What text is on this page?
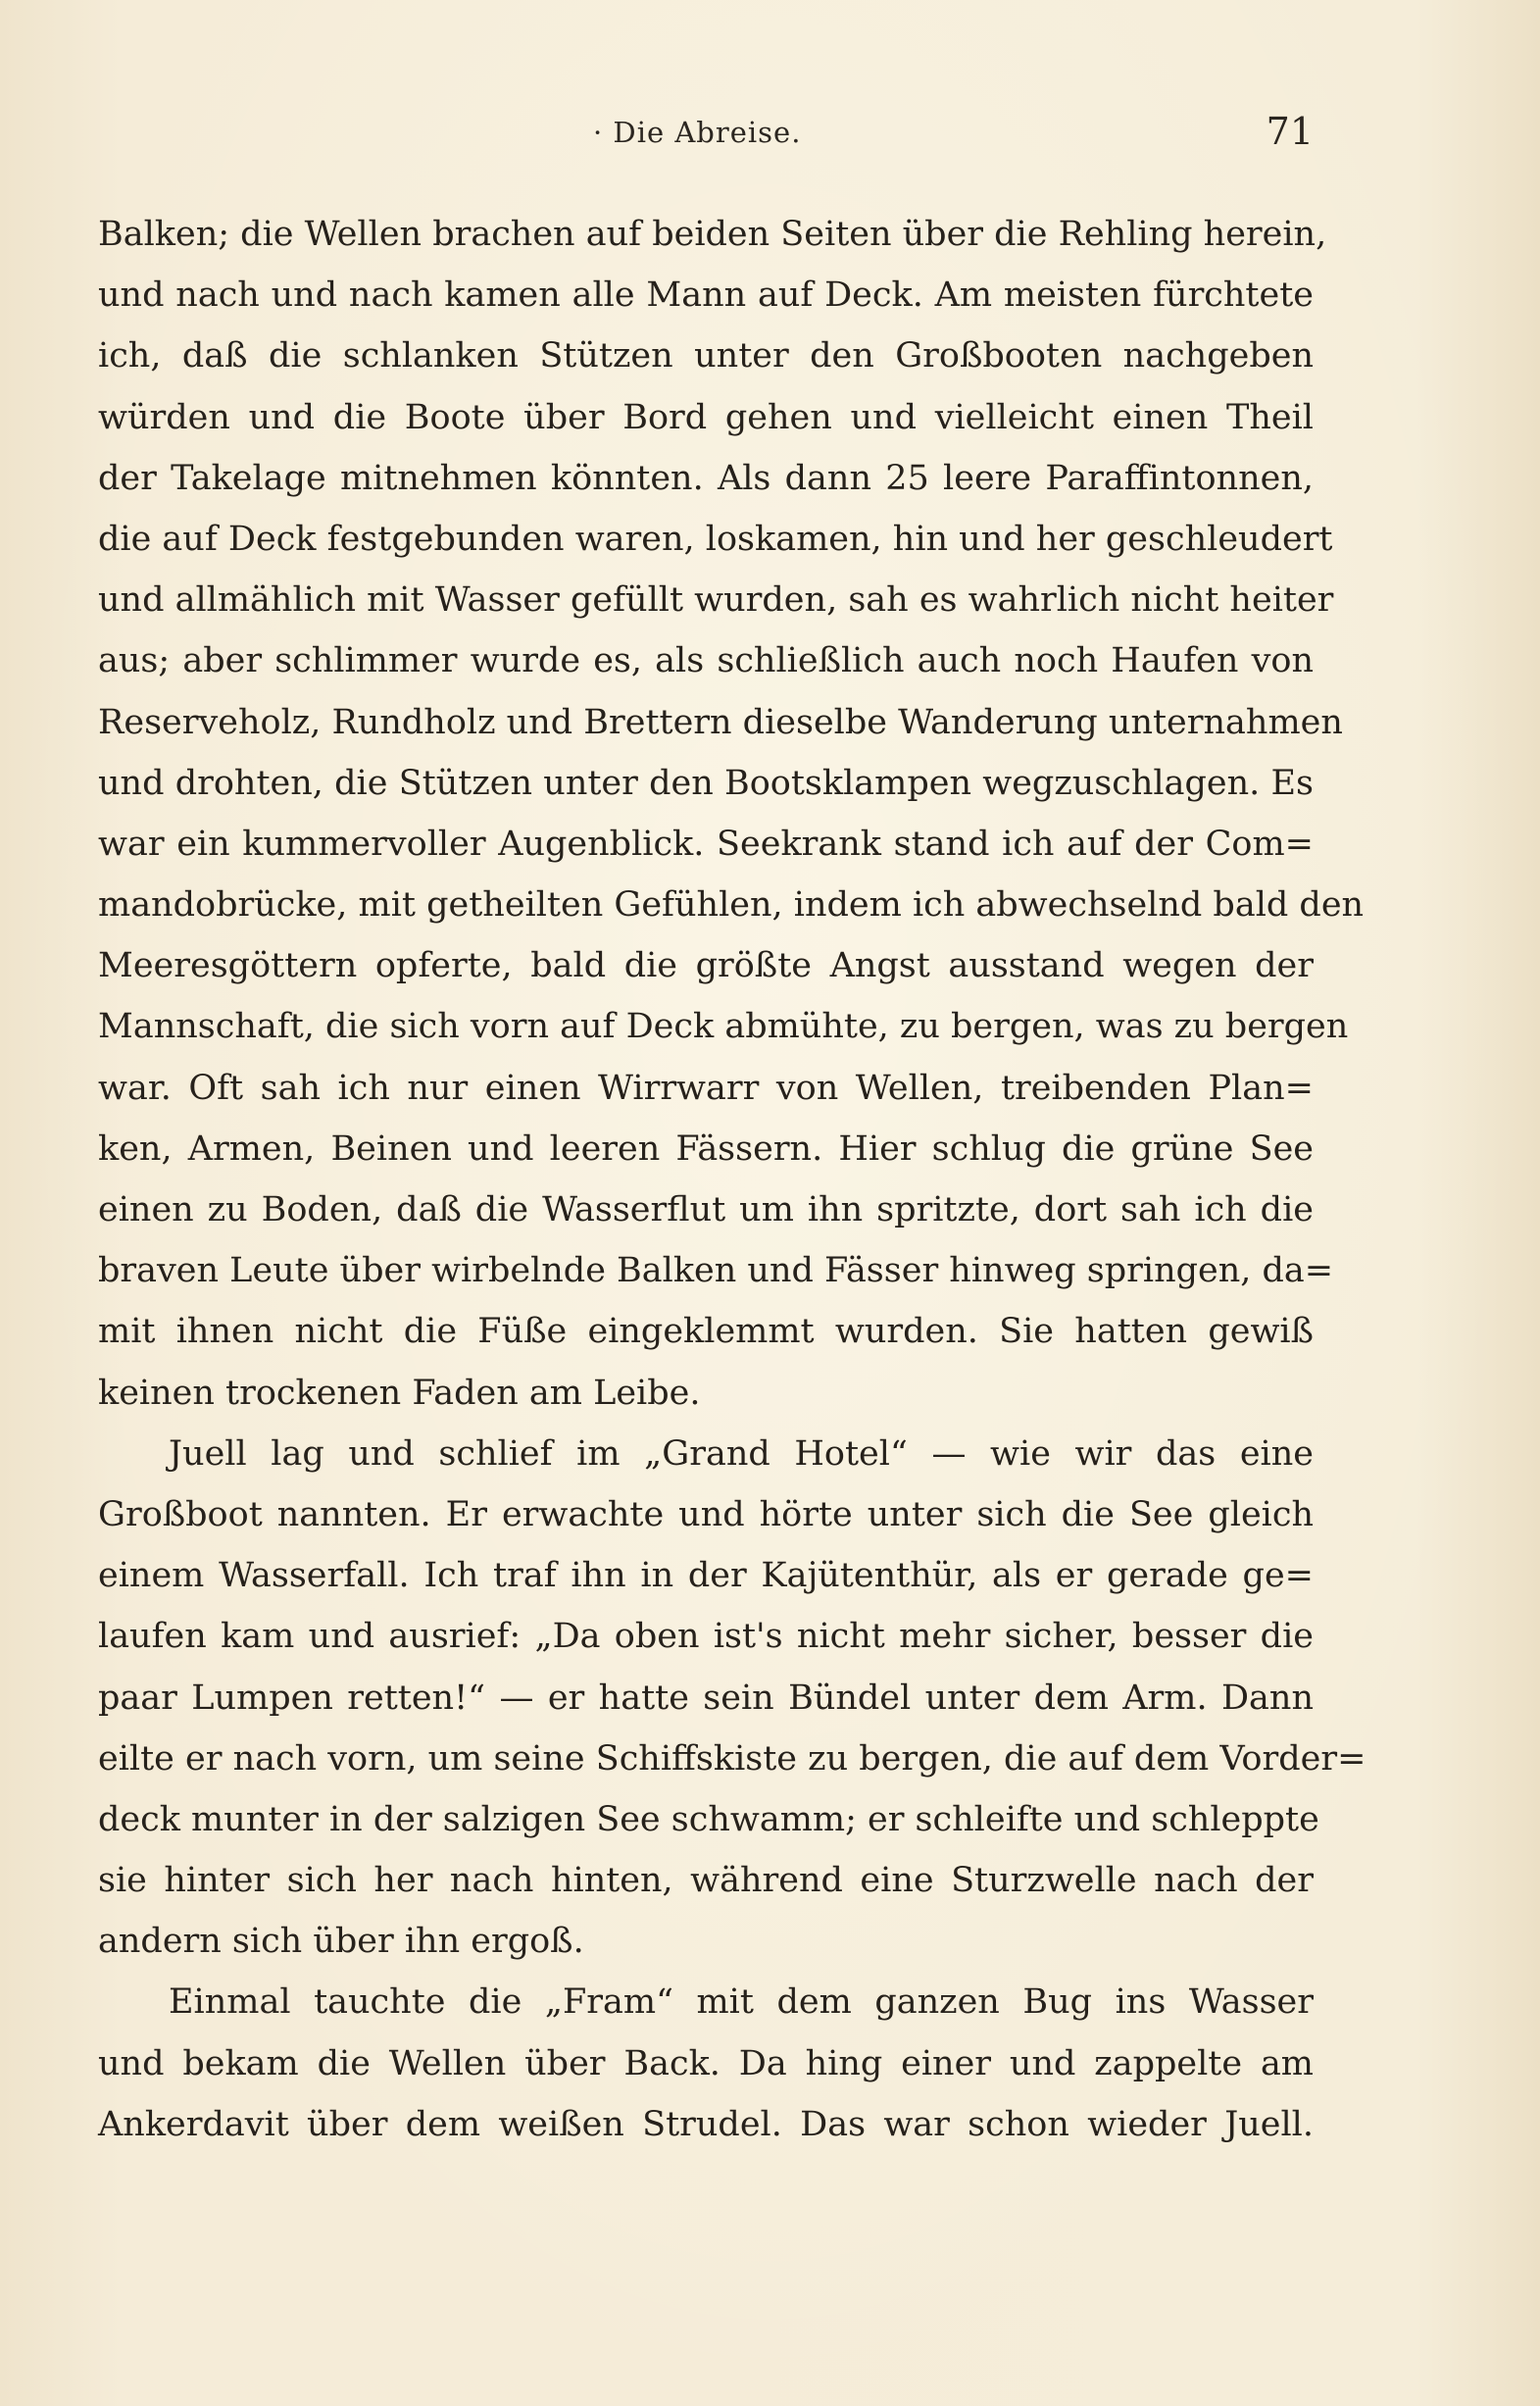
· Die Abreise.	71
Balken; die Wellen brachen auf beiden Seiten über die Rehling herein,
und nach und nach kamen alle Mann auf Deck. Am meisten fürchtete
ich, daß die schlanken Stützen unter den Großbooten nachgeben
würden und die Boote über Bord gehen und vielleicht einen Theil
der Takelage mitnehmen könnten. Als dann 25 leere Paraffintonnen,
die auf Deck festgebunden waren, loskamen, hin und her geschleudert
und allmählich mit Wasser gefüllt wurden, sah es wahrlich nicht heiter
aus; aber schlimmer wurde es, als schließlich auch noch Haufen von
Reserveholz, Rundholz und Brettern dieselbe Wanderung unternahmen
und drohten, die Stützen unter den Bootsklampen wegzuschlagen. Es
war ein kummervoller Augenblick. Seekrank stand ich auf der Com=
mandobrücke, mit getheilten Gefühlen, indem ich abwechselnd bald den
Meeresgöttern opferte, bald die größte Angst ausstand wegen der
Mannschaft, die sich vorn auf Deck abmühte, zu bergen, was zu bergen
war. Oft sah ich nur einen Wirrwarr von Wellen, treibenden Plan=
ken, Armen, Beinen und leeren Fässern. Hier schlug die grüne See
einen zu Boden, daß die Wasserflut um ihn spritzte, dort sah ich die
braven Leute über wirbelnde Balken und Fässer hinweg springen, da=
mit ihnen nicht die Füße eingeklemmt wurden. Sie hatten gewiß
keinen trockenen Faden am Leibe.
Juell lag und schlief im „Grand Hotel“ — wie wir das eine
Großboot nannten. Er erwachte und hörte unter sich die See gleich
einem Wasserfall. Ich traf ihn in der Kajütenthür, als er gerade ge=
laufen kam und ausrief: „Da oben ist's nicht mehr sicher, besser die
paar Lumpen retten!“ — er hatte sein Bündel unter dem Arm. Dann
eilte er nach vorn, um seine Schiffskiste zu bergen, die auf dem Vorder=
deck munter in der salzigen See schwamm; er schleifte und schleppte
sie hinter sich her nach hinten, während eine Sturzwelle nach der
andern sich über ihn ergoß.
Einmal tauchte die „Fram“ mit dem ganzen Bug ins Wasser
und bekam die Wellen über Back. Da hing einer und zappelte am
Ankerdavit über dem weißen Strudel. Das war schon wieder Juell.
